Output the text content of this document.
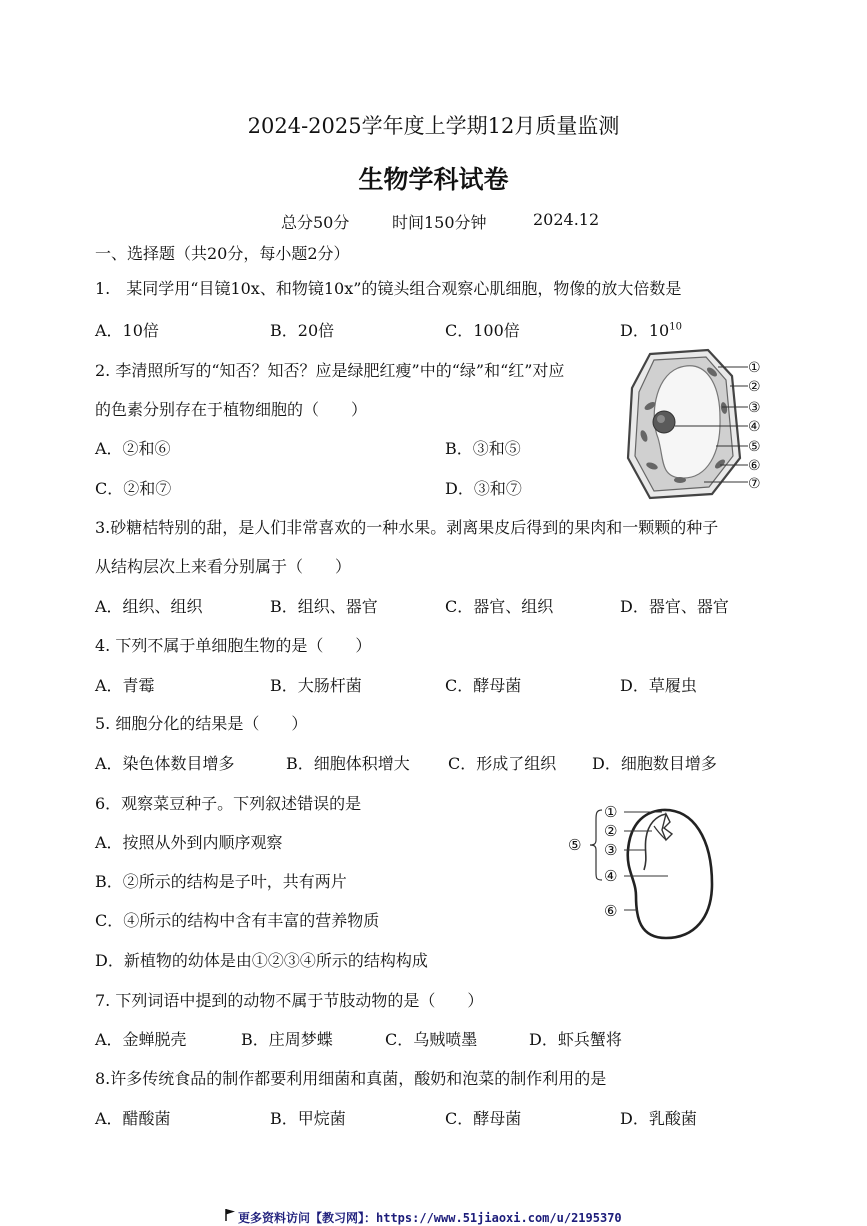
2024-2025学年度上学期12月质量监测
生物学科试卷
总分50分	时间150分钟	2024.12
一、选择题（共20分，每小题2分）
1.　某同学用“目镜10x、和物镜10x”的镜头组合观察心肌细胞，物像的放大倍数是
A．10倍	B．20倍	C．100倍	D．$10^{10}$
2. 李清照所写的“知否？知否？应是绿肥红瘦”中的“绿”和“红”对应
的色素分别存在于植物细胞的（　　）
A．②和⑥	B．③和⑤
C．②和⑦	D．③和⑦
①
②
③
④
⑤
⑥
⑦
3.砂糖桔特别的甜，是人们非常喜欢的一种水果。剥离果皮后得到的果肉和一颗颗的种子
从结构层次上来看分别属于（　　）
A．组织、组织	B．组织、器官	C．器官、组织	D．器官、器官
4. 下列不属于单细胞生物的是（　　）
A．青霉	B．大肠杆菌	C．酵母菌	D．草履虫
5. 细胞分化的结果是（　　）
A．染色体数目增多	B．细胞体积增大 C．形成了组织 D．细胞数目增多
6．观察菜豆种子。下列叙述错误的是
A．按照从外到内顺序观察
B．②所示的结构是子叶，共有两片
C．④所示的结构中含有丰富的营养物质
D．新植物的幼体是由①②③④所示的结构构成
①
②
③
④
⑤
⑥
7. 下列词语中提到的动物不属于节肢动物的是（　　）
A．金蝉脱壳	B．庄周梦蝶	C．乌贼喷墨	D．虾兵蟹将
8.许多传统食品的制作都要利用细菌和真菌，酸奶和泡菜的制作利用的是
A．醋酸菌	B．甲烷菌	C．酵母菌	D．乳酸菌
更多资料访问【教习网】：https://www.51jiaoxi.com/u/2195370
